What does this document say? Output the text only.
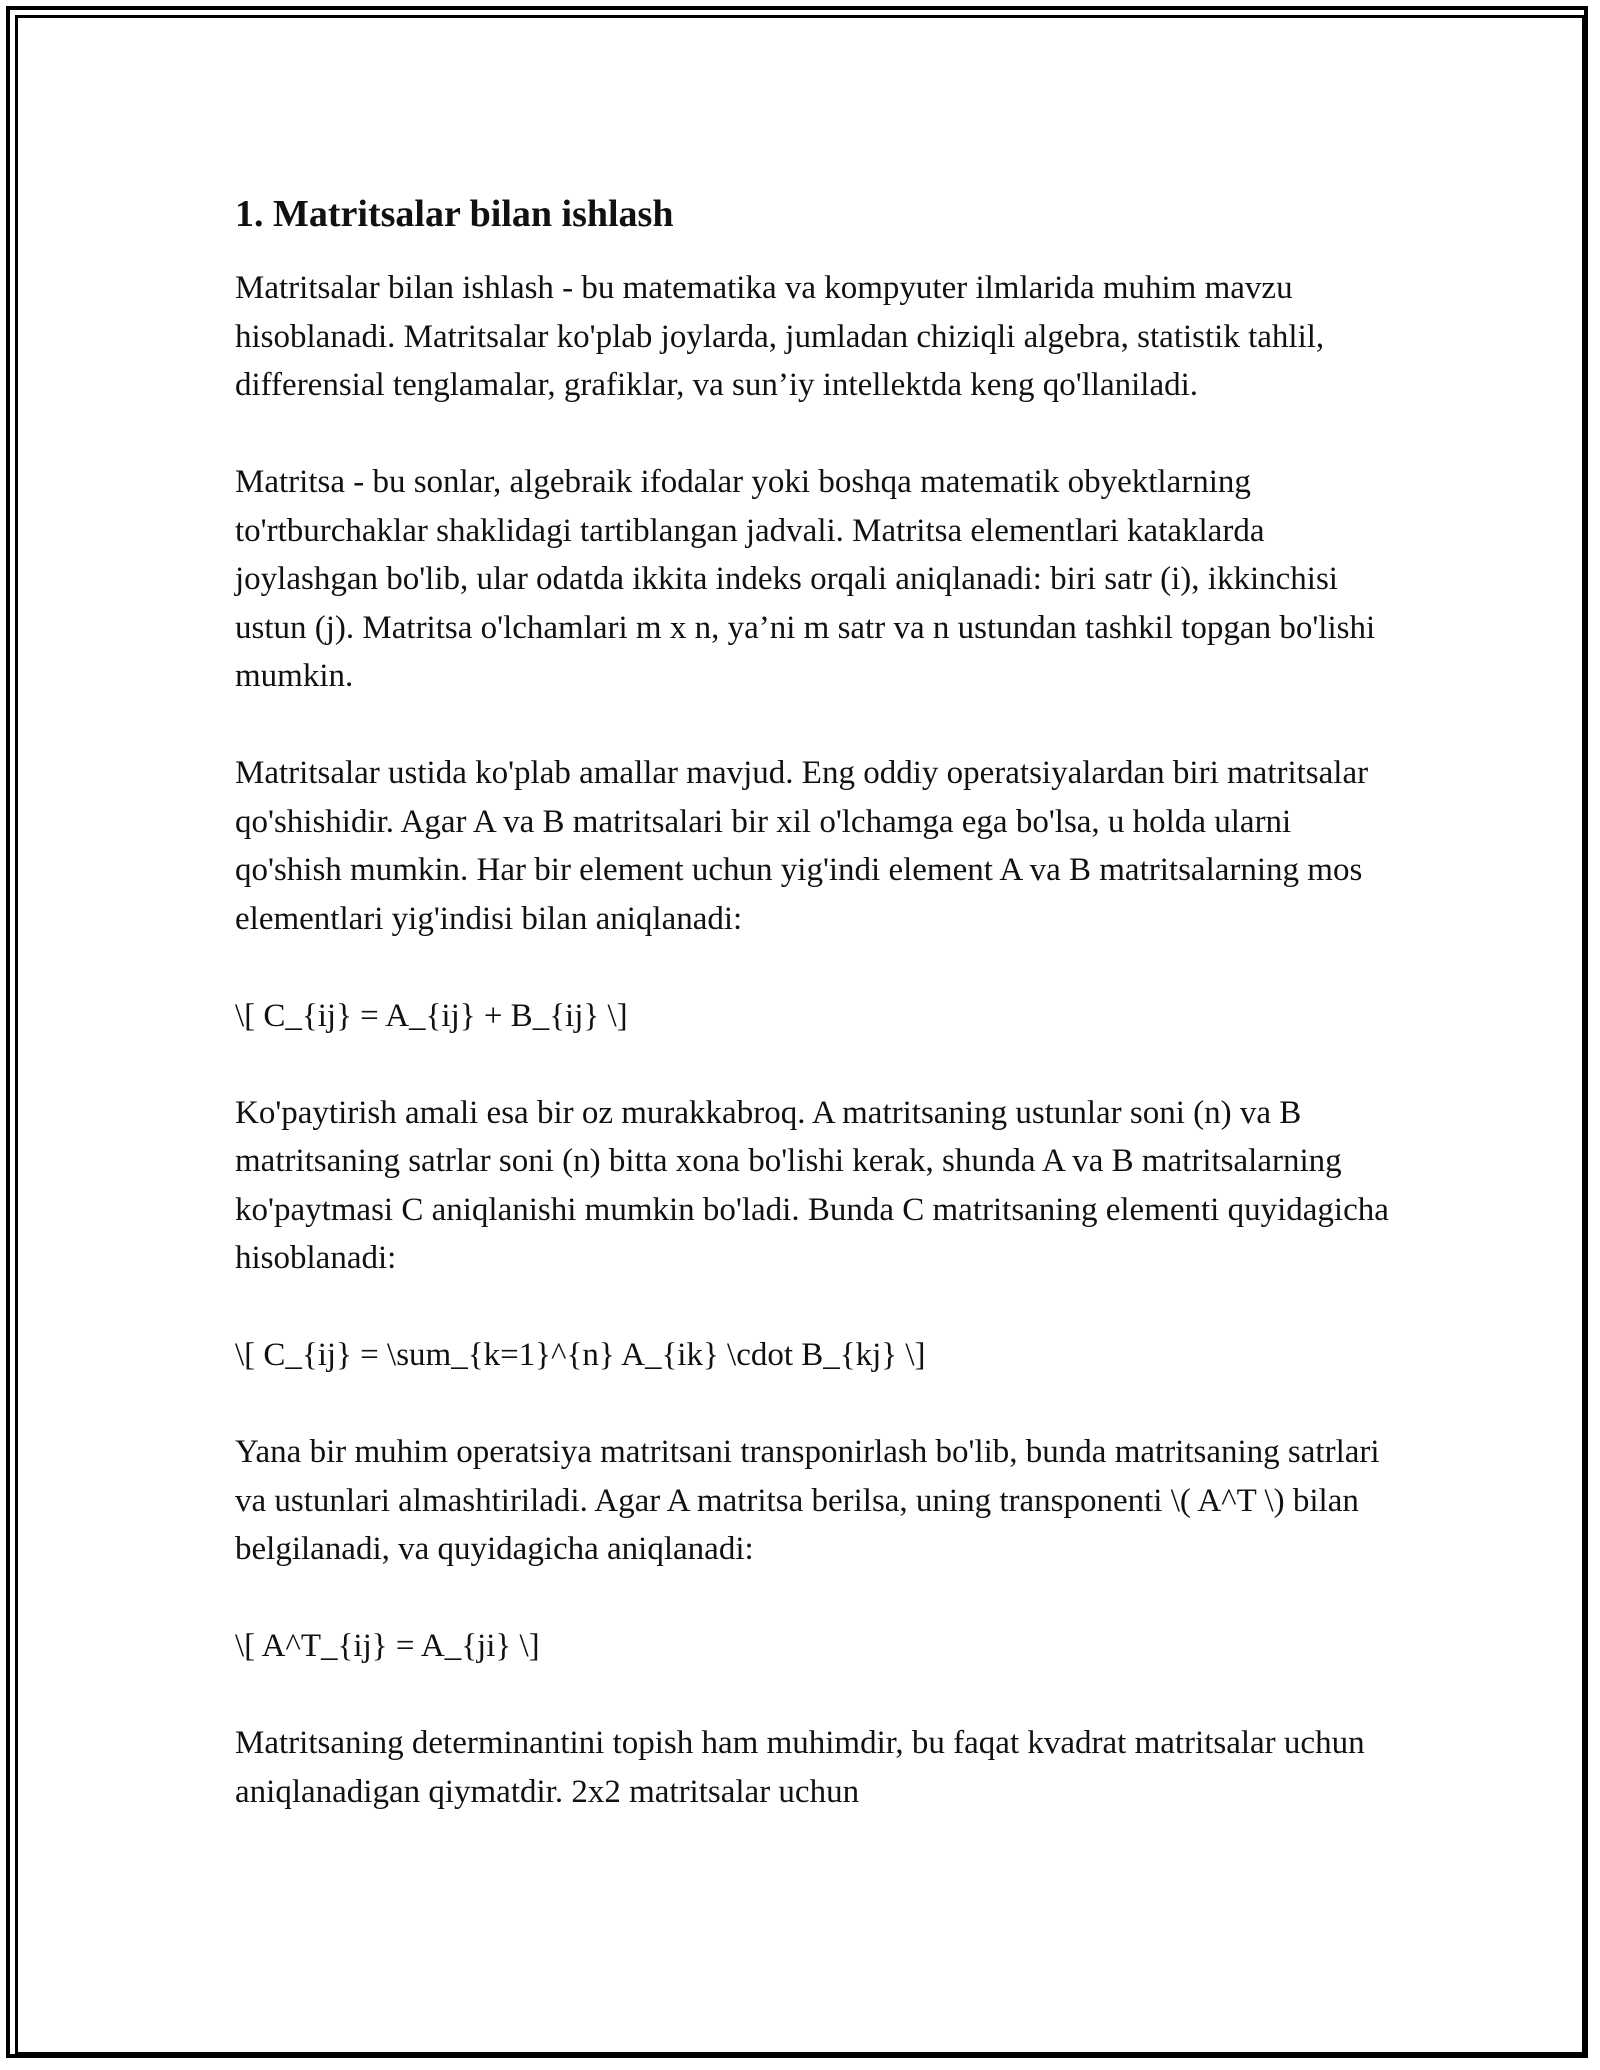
1. Matritsalar bilan ishlash

Matritsalar bilan ishlash - bu matematika va kompyuter ilmlarida muhim mavzu hisoblanadi. Matritsalar ko'plab joylarda, jumladan chiziqli algebra, statistik tahlil, differensial tenglamalar, grafiklar, va sun’iy intellektda keng qo'llaniladi.

Matritsa - bu sonlar, algebraik ifodalar yoki boshqa matematik obyektlarning to'rtburchaklar shaklidagi tartiblangan jadvali. Matritsa elementlari kataklarda joylashgan bo'lib, ular odatda ikkita indeks orqali aniqlanadi: biri satr (i), ikkinchisi ustun (j). Matritsa o'lchamlari m x n, ya’ni m satr va n ustundan tashkil topgan bo'lishi mumkin.

Matritsalar ustida ko'plab amallar mavjud. Eng oddiy operatsiyalardan biri matritsalar qo'shishidir. Agar A va B matritsalari bir xil o'lchamga ega bo'lsa, u holda ularni qo'shish mumkin. Har bir element uchun yig'indi element A va B matritsalarning mos elementlari yig'indisi bilan aniqlanadi:

\[ C_{ij} = A_{ij} + B_{ij} \]

Ko'paytirish amali esa bir oz murakkabroq. A matritsaning ustunlar soni (n) va B matritsaning satrlar soni (n) bitta xona bo'lishi kerak, shunda A va B matritsalarning ko'paytmasi C aniqlanishi mumkin bo'ladi. Bunda C matritsaning elementi quyidagicha hisoblanadi:

\[ C_{ij} = \sum_{k=1}^{n} A_{ik} \cdot B_{kj} \]

Yana bir muhim operatsiya matritsani transponirlash bo'lib, bunda matritsaning satrlari va ustunlari almashtiriladi. Agar A matritsa berilsa, uning transponenti \( A^T \) bilan belgilanadi, va quyidagicha aniqlanadi:

\[ A^T_{ij} = A_{ji} \]

Matritsaning determinantini topish ham muhimdir, bu faqat kvadrat matritsalar uchun aniqlanadigan qiymatdir. 2x2 matritsalar uchun
